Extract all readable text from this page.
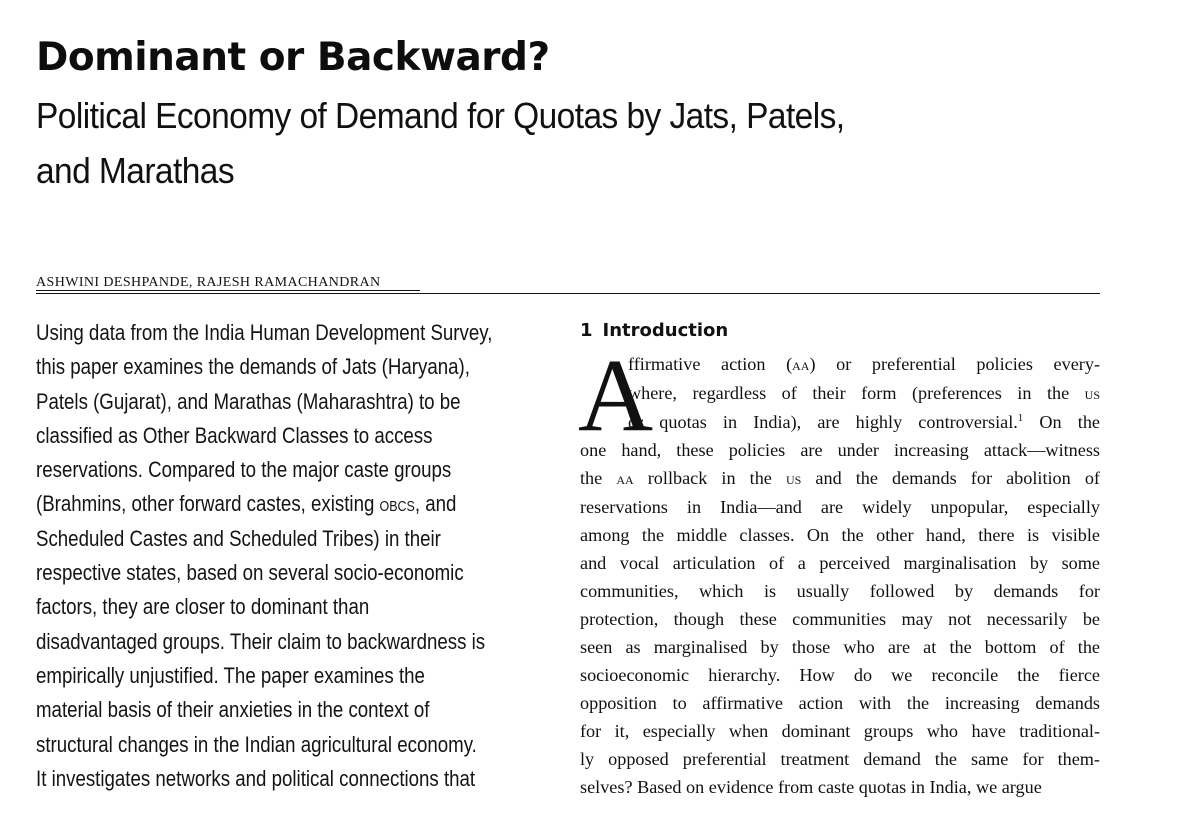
Dominant or Backward?
Political Economy of Demand for Quotas by Jats, Patels,
and Marathas
ASHWINI DESHPANDE, RAJESH RAMACHANDRAN
Using data from the India Human Development Survey,
this paper examines the demands of Jats (Haryana),
Patels (Gujarat), and Marathas (Maharashtra) to be
classified as Other Backward Classes to access
reservations. Compared to the major caste groups
(Brahmins, other forward castes, existing obcs, and
Scheduled Castes and Scheduled Tribes) in their
respective states, based on several socio-economic
factors, they are closer to dominant than
disadvantaged groups. Their claim to backwardness is
empirically unjustified. The paper examines the
material basis of their anxieties in the context of
structural changes in the Indian agricultural economy.
It investigates networks and political connections that
1 Introduction
A
ffirmative action (aa) or preferential policies every-
where, regardless of their form (preferences in the us
or quotas in India), are highly controversial.$^1$ On the
one hand, these policies are under increasing attack—witness
the aa rollback in the us and the demands for abolition of
reservations in India—and are widely unpopular, especially
among the middle classes. On the other hand, there is visible
and vocal articulation of a perceived marginalisation by some
communities, which is usually followed by demands for
protection, though these communities may not necessarily be
seen as marginalised by those who are at the bottom of the
socioeconomic hierarchy. How do we reconcile the fierce
opposition to affirmative action with the increasing demands
for it, especially when dominant groups who have traditional-
ly opposed preferential treatment demand the same for them-
selves? Based on evidence from caste quotas in India, we argue
